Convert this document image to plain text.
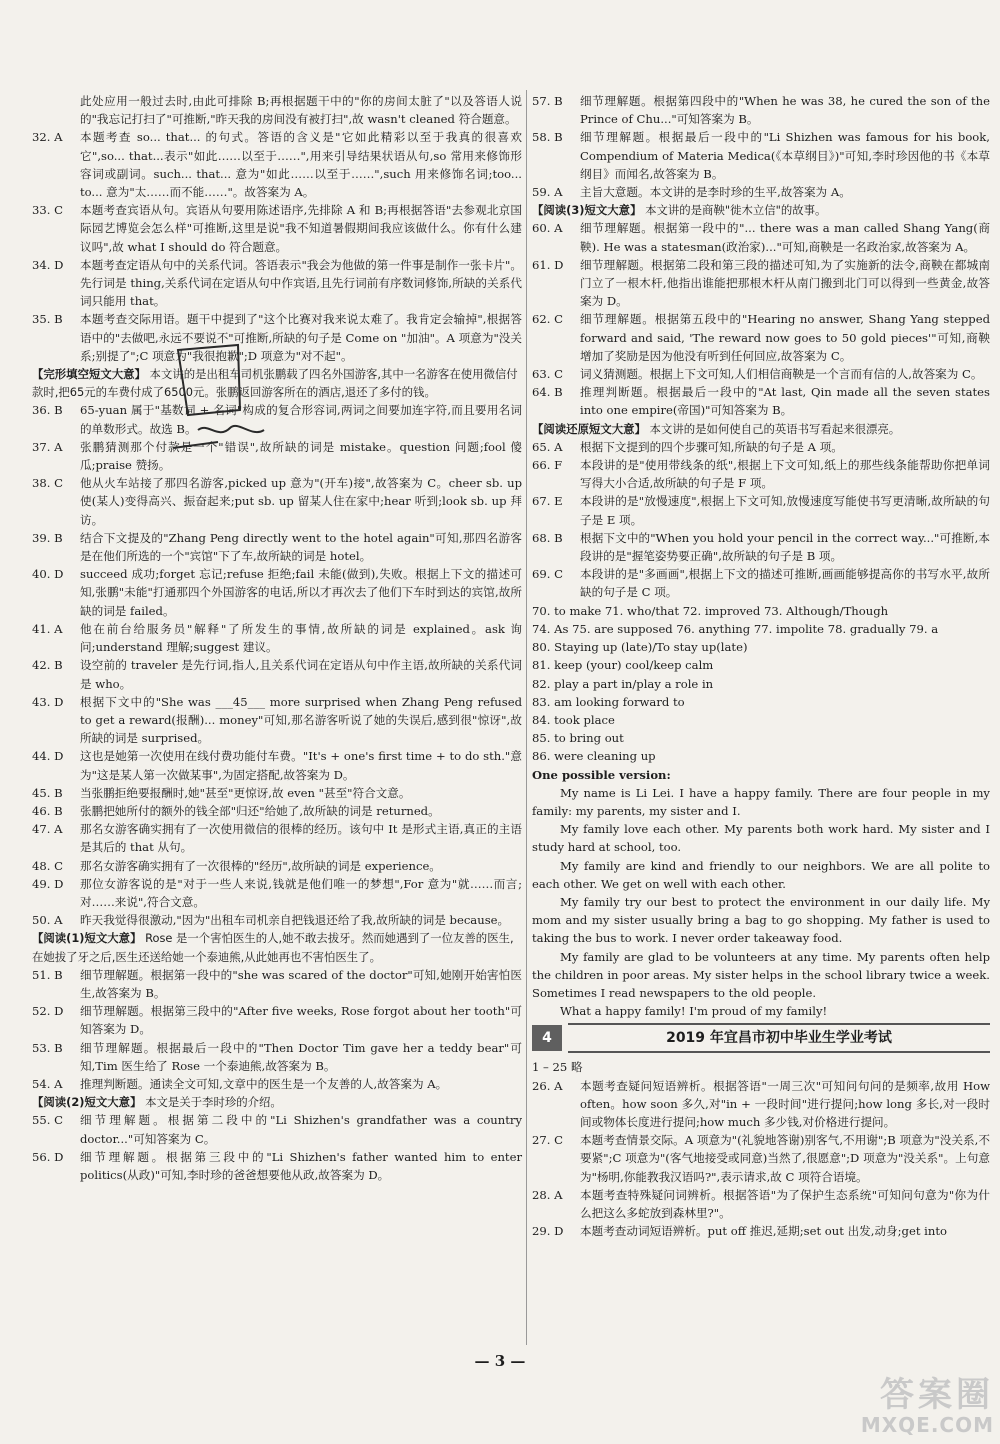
此处应用一般过去时,由此可排除 B;再根据题干中的"你的房间太脏了"以及答语人说的"我忘记打扫了"可推断,"昨天我的房间没有被打扫",故 wasn't cleaned 符合题意。
32. A	本题考查 so... that... 的句式。答语的含义是"它如此精彩以至于我真的很喜欢它",so... that...表示"如此……以至于……",用来引导结果状语从句,so 常用来修饰形容词或副词。such... that... 意为"如此……以至于……",such 用来修饰名词;too... to... 意为"太……而不能……"。故答案为 A。
33. C	本题考查宾语从句。宾语从句要用陈述语序,先排除 A 和 B;再根据答语"去参观北京国际园艺博览会怎么样"可推断,这里是说"我不知道暑假期间我应该做什么。你有什么建议吗",故 what I should do 符合题意。
34. D	本题考查定语从句中的关系代词。答语表示"我会为他做的第一件事是制作一张卡片"。先行词是 thing,关系代词在定语从句中作宾语,且先行词前有序数词修饰,所缺的关系代词只能用 that。
35. B	本题考查交际用语。题干中提到了"这个比赛对我来说太难了。我肯定会输掉",根据答语中的"去做吧,永远不要说不"可推断,所缺的句子是 Come on "加油"。A 项意为"没关系;别提了";C 项意为"我很抱歉";D 项意为"对不起"。
【完形填空短文大意】 本文讲的是出租车司机张鹏载了四名外国游客,其中一名游客在使用微信付款时,把65元的车费付成了6500元。张鹏返回游客所在的酒店,退还了多付的钱。
36. B	65-yuan 属于"基数词 + 名词"构成的复合形容词,两词之间要加连字符,而且要用名词的单数形式。故选 B。
37. A	张鹏猜测那个付款是一个"错误",故所缺的词是 mistake。question 问题;fool 傻瓜;praise 赞扬。
38. C	他从火车站接了那四名游客,picked up 意为"(开车)接",故答案为 C。cheer sb. up 使(某人)变得高兴、振奋起来;put sb. up 留某人住在家中;hear 听到;look sb. up 拜访。
39. B	结合下文提及的"Zhang Peng directly went to the hotel again"可知,那四名游客是在他们所选的一个"宾馆"下了车,故所缺的词是 hotel。
40. D	succeed 成功;forget 忘记;refuse 拒绝;fail 未能(做到),失败。根据上下文的描述可知,张鹏"未能"打通那四个外国游客的电话,所以才再次去了他们下车时到达的宾馆,故所缺的词是 failed。
41. A	他在前台给服务员"解释"了所发生的事情,故所缺的词是 explained。ask 询问;understand 理解;suggest 建议。
42. B	设空前的 traveler 是先行词,指人,且关系代词在定语从句中作主语,故所缺的关系代词是 who。
43. D	根据下文中的"She was ___45___ more surprised when Zhang Peng refused to get a reward(报酬)... money"可知,那名游客听说了她的失误后,感到很"惊讶",故所缺的词是 surprised。
44. D	这也是她第一次使用在线付费功能付车费。"It's + one's first time + to do sth."意为"这是某人第一次做某事",为固定搭配,故答案为 D。
45. B	当张鹏拒绝要报酬时,她"甚至"更惊讶,故 even "甚至"符合文意。
46. B	张鹏把她所付的额外的钱全部"归还"给她了,故所缺的词是 returned。
47. A	那名女游客确实拥有了一次使用微信的很棒的经历。该句中 It 是形式主语,真正的主语是其后的 that 从句。
48. C	那名女游客确实拥有了一次很棒的"经历",故所缺的词是 experience。
49. D	那位女游客说的是"对于一些人来说,钱就是他们唯一的梦想",For 意为"就……而言;对……来说",符合文意。
50. A	昨天我觉得很激动,"因为"出租车司机亲自把钱退还给了我,故所缺的词是 because。
【阅读(1)短文大意】 Rose 是一个害怕医生的人,她不敢去拔牙。然而她遇到了一位友善的医生,在她拔了牙之后,医生还送给她一个泰迪熊,从此她再也不害怕医生了。
51. B	细节理解题。根据第一段中的"she was scared of the doctor"可知,她刚开始害怕医生,故答案为 B。
52. D	细节理解题。根据第三段中的"After five weeks, Rose forgot about her tooth"可知答案为 D。
53. B	细节理解题。根据最后一段中的"Then Doctor Tim gave her a teddy bear"可知,Tim 医生给了 Rose 一个泰迪熊,故答案为 B。
54. A	推理判断题。通读全文可知,文章中的医生是一个友善的人,故答案为 A。
【阅读(2)短文大意】 本文是关于李时珍的介绍。
55. C	细节理解题。根据第二段中的"Li Shizhen's grandfather was a country doctor..."可知答案为 C。
56. D	细节理解题。根据第三段中的"Li Shizhen's father wanted him to enter politics(从政)"可知,李时珍的爸爸想要他从政,故答案为 D。
57. B	细节理解题。根据第四段中的"When he was 38, he cured the son of the Prince of Chu..."可知答案为 B。
58. B	细节理解题。根据最后一段中的"Li Shizhen was famous for his book, Compendium of Materia Medica(《本草纲目》)"可知,李时珍因他的书《本草纲目》而闻名,故答案为 B。
59. A	主旨大意题。本文讲的是李时珍的生平,故答案为 A。
【阅读(3)短文大意】 本文讲的是商鞅"徙木立信"的故事。
60. A	细节理解题。根据第一段中的"... there was a man called Shang Yang(商鞅). He was a statesman(政治家)..."可知,商鞅是一名政治家,故答案为 A。
61. D	细节理解题。根据第二段和第三段的描述可知,为了实施新的法令,商鞅在都城南门立了一根木杆,他指出谁能把那根木杆从南门搬到北门可以得到一些黄金,故答案为 D。
62. C	细节理解题。根据第五段中的"Hearing no answer, Shang Yang stepped forward and said, 'The reward now goes to 50 gold pieces'"可知,商鞅增加了奖励是因为他没有听到任何回应,故答案为 C。
63. C	词义猜测题。根据上下文可知,人们相信商鞅是一个言而有信的人,故答案为 C。
64. B	推理判断题。根据最后一段中的"At last, Qin made all the seven states into one empire(帝国)"可知答案为 B。
【阅读还原短文大意】 本文讲的是如何使自己的英语书写看起来很漂亮。
65. A	根据下文提到的四个步骤可知,所缺的句子是 A 项。
66. F	本段讲的是"使用带线条的纸",根据上下文可知,纸上的那些线条能帮助你把单词写得大小合适,故所缺的句子是 F 项。
67. E	本段讲的是"放慢速度",根据上下文可知,放慢速度写能使书写更清晰,故所缺的句子是 E 项。
68. B	根据下文中的"When you hold your pencil in the correct way..."可推断,本段讲的是"握笔姿势要正确",故所缺的句子是 B 项。
69. C	本段讲的是"多画画",根据上下文的描述可推断,画画能够提高你的书写水平,故所缺的句子是 C 项。
70. to make 71. who/that 72. improved 73. Although/Though
74. As 75. are supposed 76. anything 77. impolite 78. gradually 79. a
80. Staying up (late)/To stay up(late)
81. keep (your) cool/keep calm
82. play a part in/play a role in
83. am looking forward to
84. took place
85. to bring out
86. were cleaning up
One possible version:
My name is Li Lei. I have a happy family. There are four people in my family: my parents, my sister and I.
My family love each other. My parents both work hard. My sister and I study hard at school, too.
My family are kind and friendly to our neighbors. We are all polite to each other. We get on well with each other.
My family try our best to protect the environment in our daily life. My mom and my sister usually bring a bag to go shopping. My father is used to taking the bus to work. I never order takeaway food.
My family are glad to be volunteers at any time. My parents often help the children in poor areas. My sister helps in the school library twice a week. Sometimes I read newspapers to the old people.
What a happy family! I'm proud of my family!
4	2019 年宜昌市初中毕业生学业考试
1 – 25 略
26. A	本题考查疑问短语辨析。根据答语"一周三次"可知问句问的是频率,故用 How often。how soon 多久,对"in + 一段时间"进行提问;how long 多长,对一段时间或物体长度进行提问;how much 多少钱,对价格进行提问。
27. C	本题考查情景交际。A 项意为"(礼貌地答谢)别客气,不用谢";B 项意为"没关系,不要紧";C 项意为"(客气地接受或同意)当然了,很愿意";D 项意为"没关系"。上句意为"杨明,你能教我汉语吗?",表示请求,故 C 项符合语境。
28. A	本题考查特殊疑问词辨析。根据答语"为了保护生态系统"可知问句意为"你为什么把这么多蛇放到森林里?"。
29. D	本题考查动词短语辨析。put off 推迟,延期;set out 出发,动身;get into
— 3 —
答案圈
MXQE.COM
